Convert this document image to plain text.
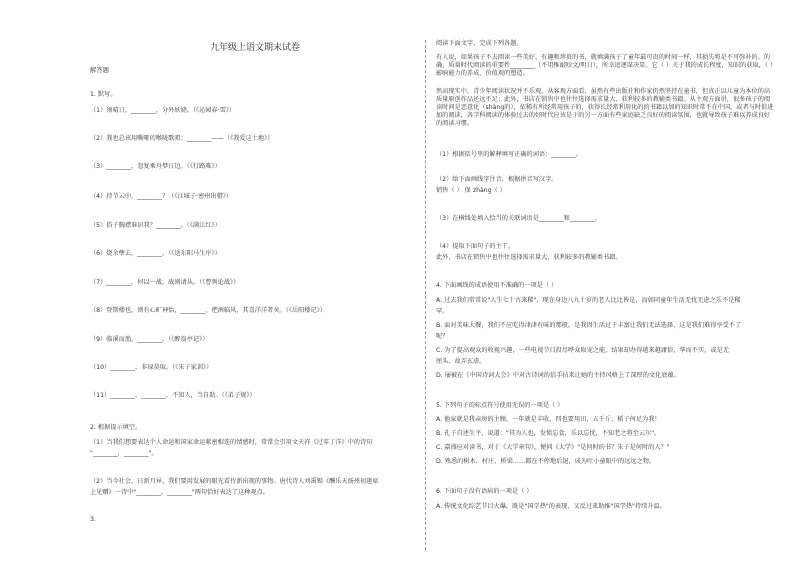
九年级上语文期末试卷
解答题
1. 默写。
（1）须晴日，________，分外妖娆。（《沁园春·雪》）
（2）我也总该用嘶哑的喉咙歌唱：________——（《我爱这土地》）
（3）________，忽复乘舟梦日边。（《行路难》）
（4）持节云中，________？（《江城子·密州出猎》）
（5）俗子胸襟谁识我？________。（《满江红》）
（6）烧余孽去，________。（《送东阳马生序》）
（7）________，何以一战，战则请从。（《曹刿论战》）
（8）登斯楼也，则有心旷神怡，________，把酒临风，其喜洋洋者矣。（《岳阳楼记》）
（9）临溪而渔，________。（《醉翁亭记》）
（10）________，非禄莫取。（《朱子家训》）
（11）________，________，不知人，当自助。（《弟子规》）
2. 根据提示填空。
（1）当我们想要表达个人命运和国家命运紧密相连的情感时，常常会引用文天祥《过零丁洋》中的诗句
"________，________"。
（2）当今社会，日新月异，我们要用发展的眼光看待新出现的事物。唐代诗人刘禹锡《酬乐天扬州初逢席
上见赠》一诗中"________，________"两句恰好表达了这种观点。
3.
阅读下面文字，完成下列各题。
有人说，如果孩子不去阅读一些美好、有趣和珍贵的书，就填满孩子了童年最可贵的时间一样，其损失将是不可弥补的。的确，质量时代阅读的重要性________（不用推敲咬文/明日），所幸追逐谋决显。它（ ）关于我的成长程度，知识的获取，（ ）影响能力的养成、价值观的塑造。
然而现实中，青少年阅读状况并不乐观。从客观方面看，虽然有些出版社和作家仍然坚持在童书，但真正以儿童为本位的高质量原创作品还远不足；此外，书店在销售中也往往选择需求量大、获利较多的教辅类书籍。从主观方面讲，很多孩子的阅读时间是恶意化（shàng的），依稀有所经常用孩子的，获得长经常利用化的的书籍以加的知识时常不在中国，或者与时俱进加的阅读，各学科阅读的体验过去的好时代应该是于的另一方面有些家庭缺乏良好的阅读氛围，也就导致孩子难以养成良好的阅读习惯。
（1）根据括号里的解释填写正确的词语：________。
（2）给下面画线字注音，根据拼音写汉字。
销售（ ） 保 zhàng（ ）
（3）在横线处填入恰当的关联词语是________和________。
（4）提取下面句子的主干。
此外，书店在销售中也往往选择需求量大、获利较多的教辅类书籍。
4. 下面画线的成语使用不准确的一项是（ ）
A. 过去我们常常说"人生七十古来稀"，现在身边八九十岁的老人比比皆是，而如同童年生活无忧无虑之乐不是稀
罕。
B. 面对美味大餐，我们不应吃得津津有味的那般，是我因生活过于丰富让我们无法选择，这是我们难得享受不了
呢？
C. 为了提高观众的收视兴趣，一些电视节目投尽哗众取宠之能，结果却办得越来越庸俗，华而不实，或是无
厘头、故弄玄虚。
D. 屡被在《中国诗词大会》中对古诗词的信手拈来让她的主持风格上了深厚的文化底蕴。
5. 下列句子的标点符号使用无误的一项是（ ）
A. 他家就是我亲房的主顾，一年就是丰收，四也要用田，五千斤，稻子何足为我！
B. 孔子自述生平，说道："其为人也，发愤忘食，乐以忘忧，不知老之将至云尔"。
C. 嘉盛应对读书，对于《大学章句》，便问《大学》"是何时的书？朱子是何时的人？"
D. 熟悉的树木、村庄、桥梁……都在不停地后退，成为吐小童眼中的远远之物。
6. 下面句子没有语病的一项是（ ）
A. 传统文化综艺节目火爆，既是"国学热"的表现，又反过来助推"国学热"持续升温。
